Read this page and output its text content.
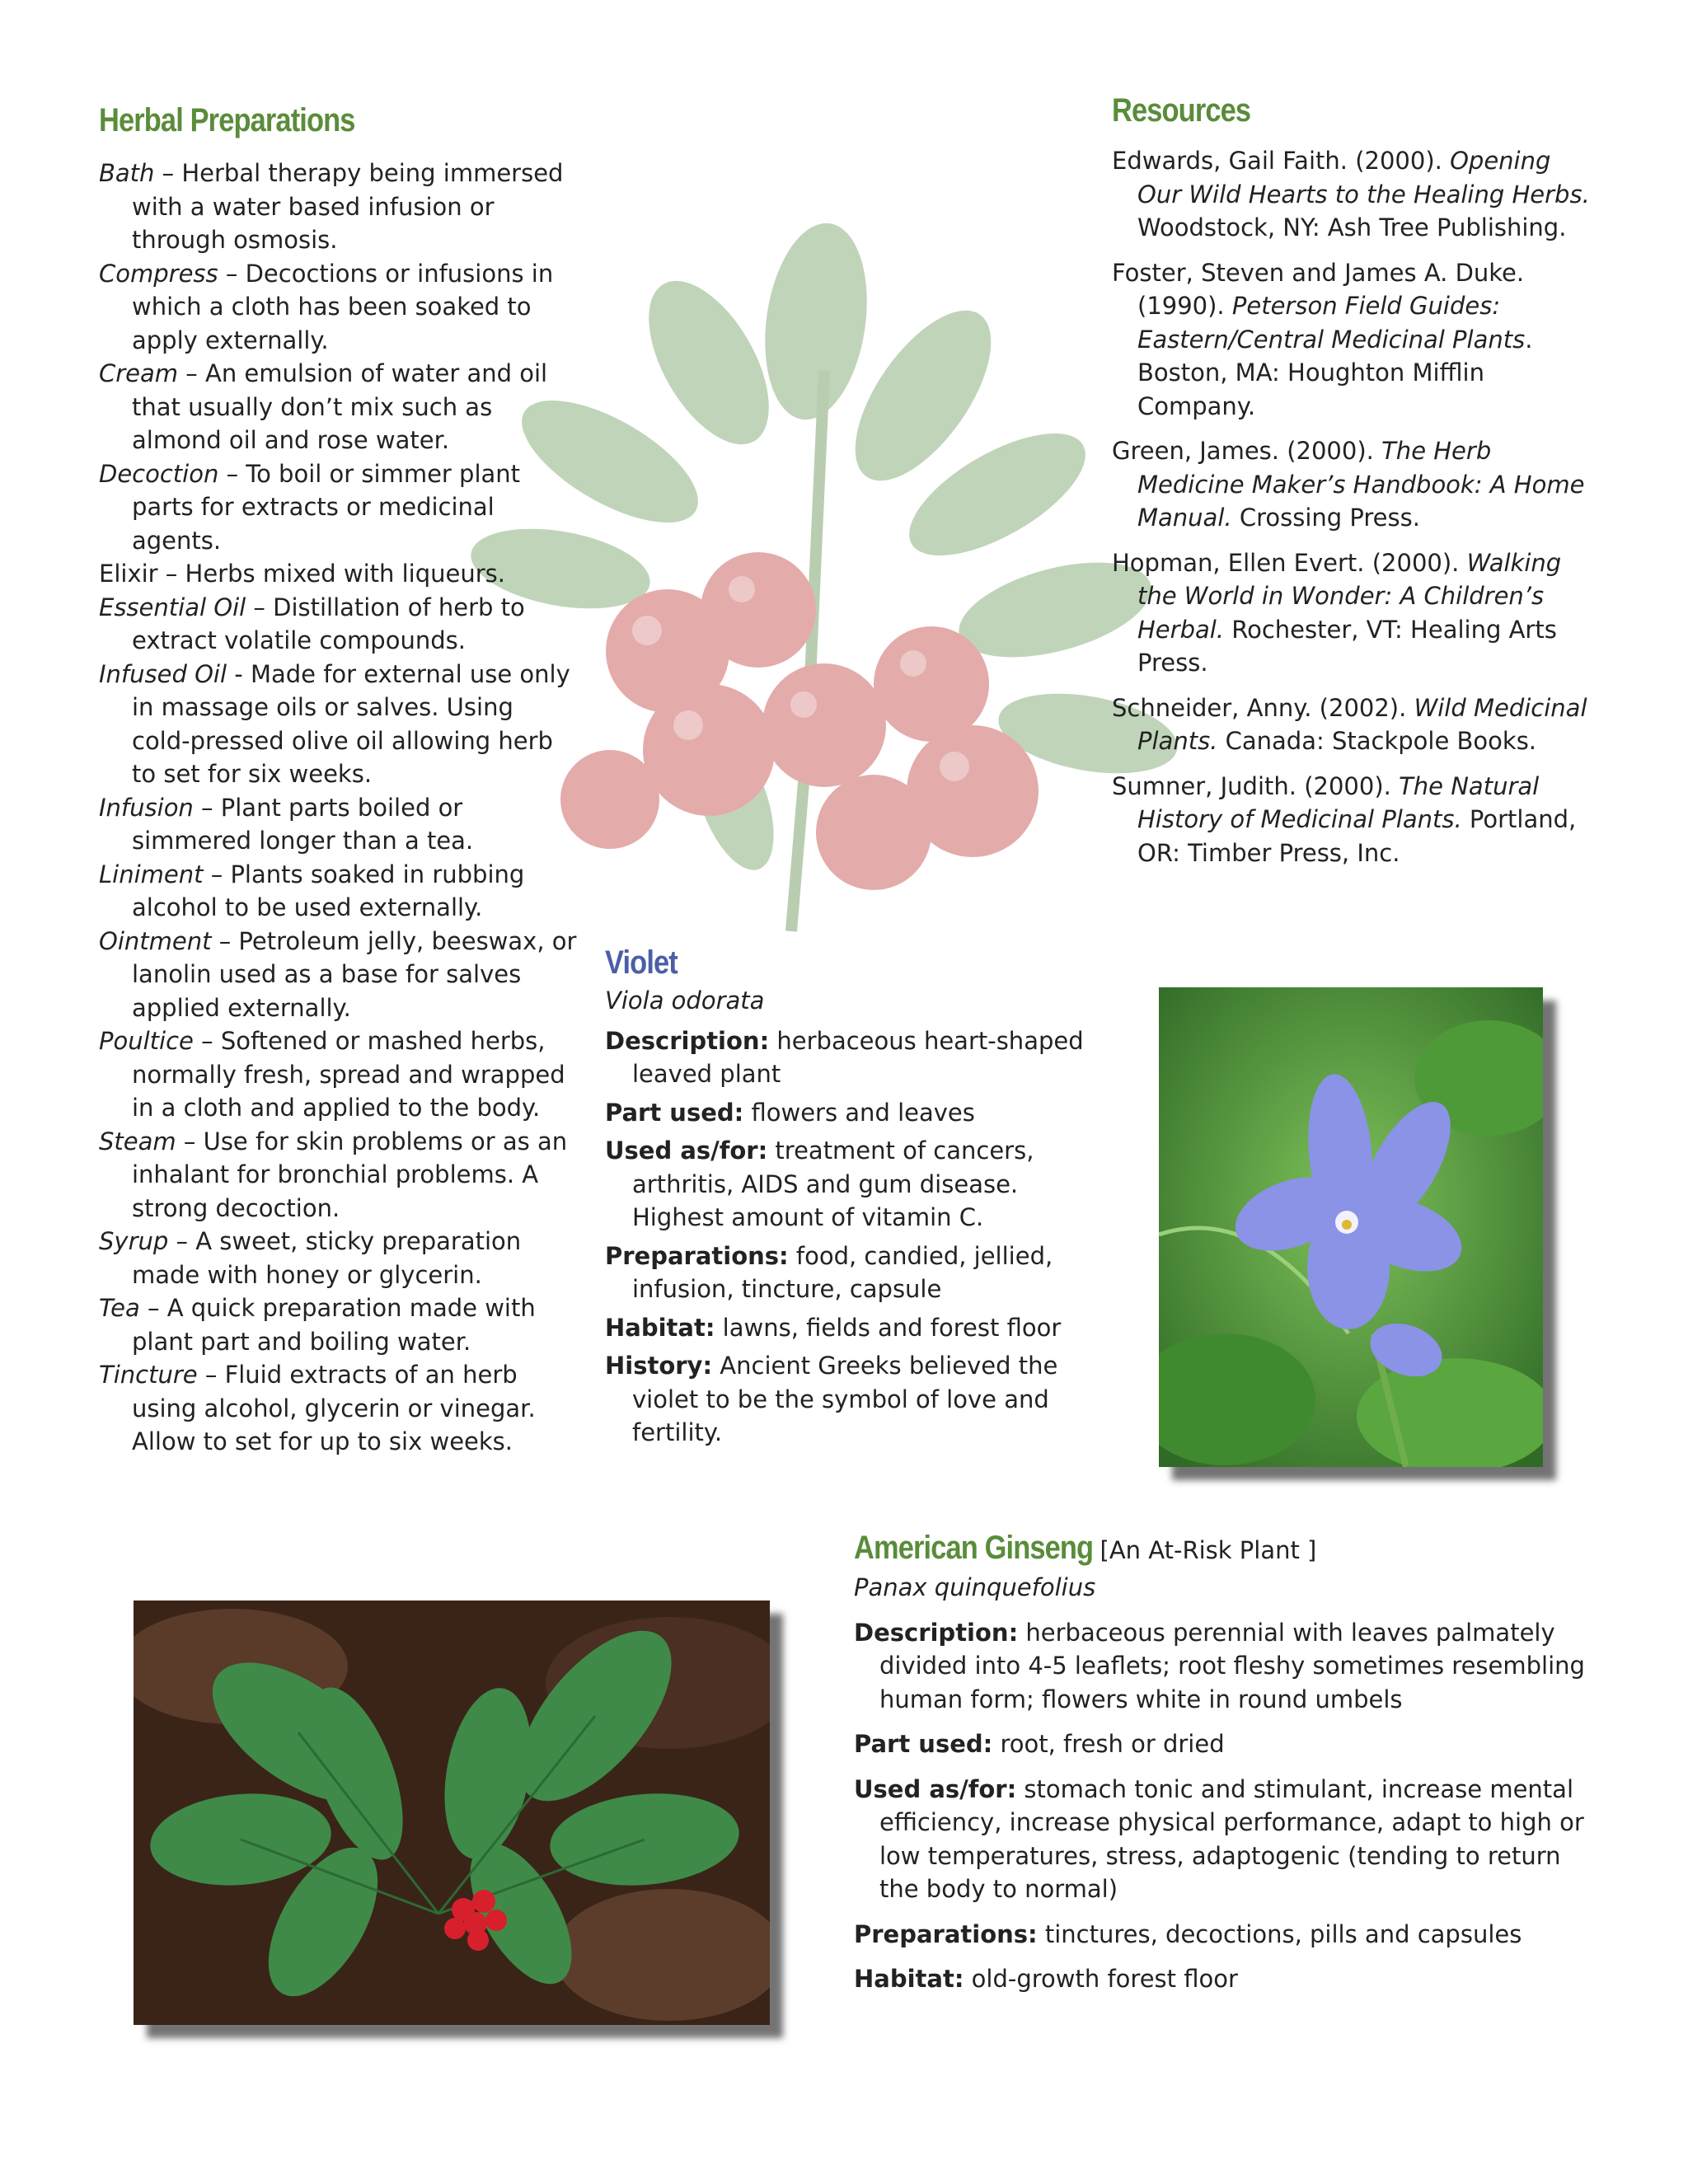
Herbal Preparations

Bath – Herbal therapy being immersed with a water based infusion or through osmosis.

Compress – Decoctions or infusions in which a cloth has been soaked to apply externally.

Cream – An emulsion of water and oil that usually don’t mix such as almond oil and rose water.

Decoction – To boil or simmer plant parts for extracts or medicinal agents.

Elixir – Herbs mixed with liqueurs.

Essential Oil – Distillation of herb to extract volatile compounds.

Infused Oil - Made for external use only in massage oils or salves. Using cold-pressed olive oil allowing herb to set for six weeks.

Infusion – Plant parts boiled or simmered longer than a tea.

Liniment – Plants soaked in rubbing alcohol to be used externally.

Ointment – Petroleum jelly, beeswax, or lanolin used as a base for salves applied externally.

Poultice – Softened or mashed herbs, normally fresh, spread and wrapped in a cloth and applied to the body.

Steam – Use for skin problems or as an inhalant for bronchial problems. A strong decoction.

Syrup – A sweet, sticky preparation made with honey or glycerin.

Tea – A quick preparation made with plant part and boiling water.

Tincture – Fluid extracts of an herb using alcohol, glycerin or vinegar. Allow to set for up to six weeks.

Resources

Edwards, Gail Faith. (2000). Opening Our Wild Hearts to the Healing Herbs. Woodstock, NY: Ash Tree Publishing.

Foster, Steven and James A. Duke. (1990). Peterson Field Guides: Eastern/Central Medicinal Plants. Boston, MA: Houghton Mifflin Company.

Green, James. (2000). The Herb Medicine Maker’s Handbook: A Home Manual. Crossing Press.

Hopman, Ellen Evert. (2000). Walking the World in Wonder: A Children’s Herbal. Rochester, VT: Healing Arts Press.

Schneider, Anny. (2002). Wild Medicinal Plants. Canada: Stackpole Books.

Sumner, Judith. (2000). The Natural History of Medicinal Plants. Portland, OR: Timber Press, Inc.

Violet

Viola odorata

Description: herbaceous heart-shaped leaved plant

Part used: flowers and leaves

Used as/for: treatment of cancers, arthritis, AIDS and gum disease. Highest amount of vitamin C.

Preparations: food, candied, jellied, infusion, tincture, capsule

Habitat: lawns, fields and forest floor

History: Ancient Greeks believed the violet to be the symbol of love and fertility.

American Ginseng [An At-Risk Plant ]

Panax quinquefolius

Description: herbaceous perennial with leaves palmately divided into 4-5 leaflets; root fleshy sometimes resembling human form; flowers white in round umbels

Part used: root, fresh or dried

Used as/for: stomach tonic and stimulant, increase mental efficiency, increase physical performance, adapt to high or low temperatures, stress, adaptogenic (tending to return the body to normal)

Preparations: tinctures, decoctions, pills and capsules

Habitat: old-growth forest floor
